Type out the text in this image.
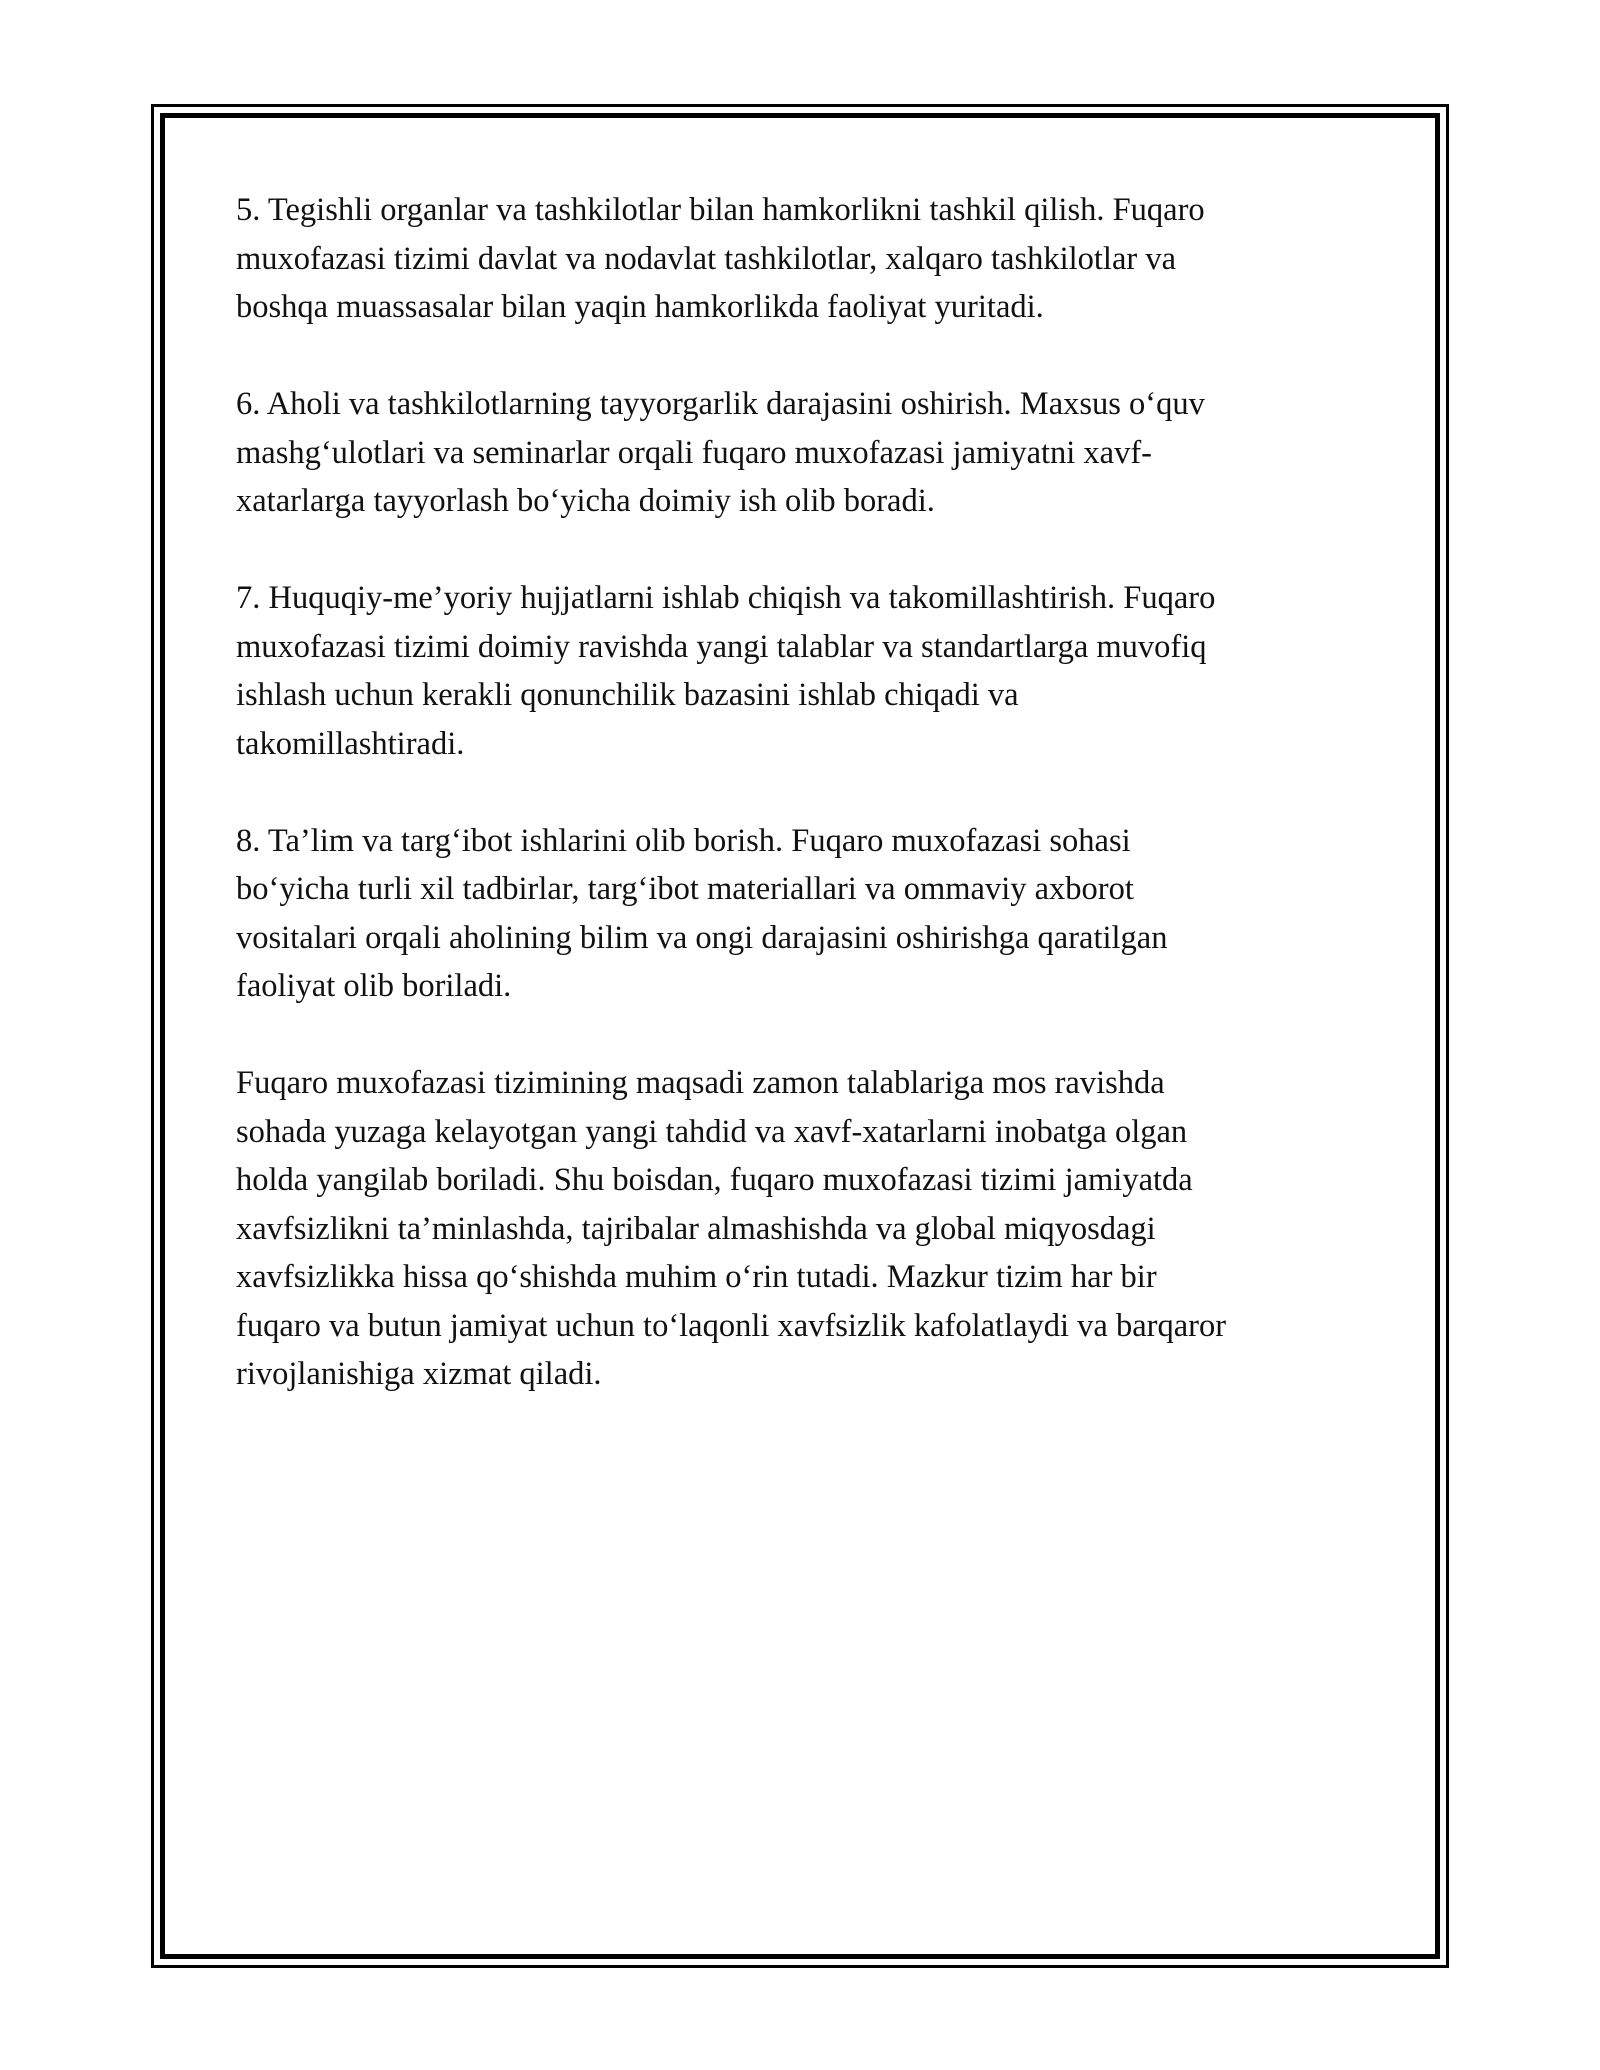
5. Tegishli organlar va tashkilotlar bilan hamkorlikni tashkil qilish. Fuqaro
muxofazasi tizimi davlat va nodavlat tashkilotlar, xalqaro tashkilotlar va
boshqa muassasalar bilan yaqin hamkorlikda faoliyat yuritadi.

6. Aholi va tashkilotlarning tayyorgarlik darajasini oshirish. Maxsus o‘quv
mashg‘ulotlari va seminarlar orqali fuqaro muxofazasi jamiyatni xavf-
xatarlarga tayyorlash bo‘yicha doimiy ish olib boradi.

7. Huquqiy-me’yoriy hujjatlarni ishlab chiqish va takomillashtirish. Fuqaro
muxofazasi tizimi doimiy ravishda yangi talablar va standartlarga muvofiq
ishlash uchun kerakli qonunchilik bazasini ishlab chiqadi va
takomillashtiradi.

8. Ta’lim va targ‘ibot ishlarini olib borish. Fuqaro muxofazasi sohasi
bo‘yicha turli xil tadbirlar, targ‘ibot materiallari va ommaviy axborot
vositalari orqali aholining bilim va ongi darajasini oshirishga qaratilgan
faoliyat olib boriladi.

Fuqaro muxofazasi tizimining maqsadi zamon talablariga mos ravishda
sohada yuzaga kelayotgan yangi tahdid va xavf-xatarlarni inobatga olgan
holda yangilab boriladi. Shu boisdan, fuqaro muxofazasi tizimi jamiyatda
xavfsizlikni ta’minlashda, tajribalar almashishda va global miqyosdagi
xavfsizlikka hissa qo‘shishda muhim o‘rin tutadi. Mazkur tizim har bir
fuqaro va butun jamiyat uchun to‘laqonli xavfsizlik kafolatlaydi va barqaror
rivojlanishiga xizmat qiladi.
